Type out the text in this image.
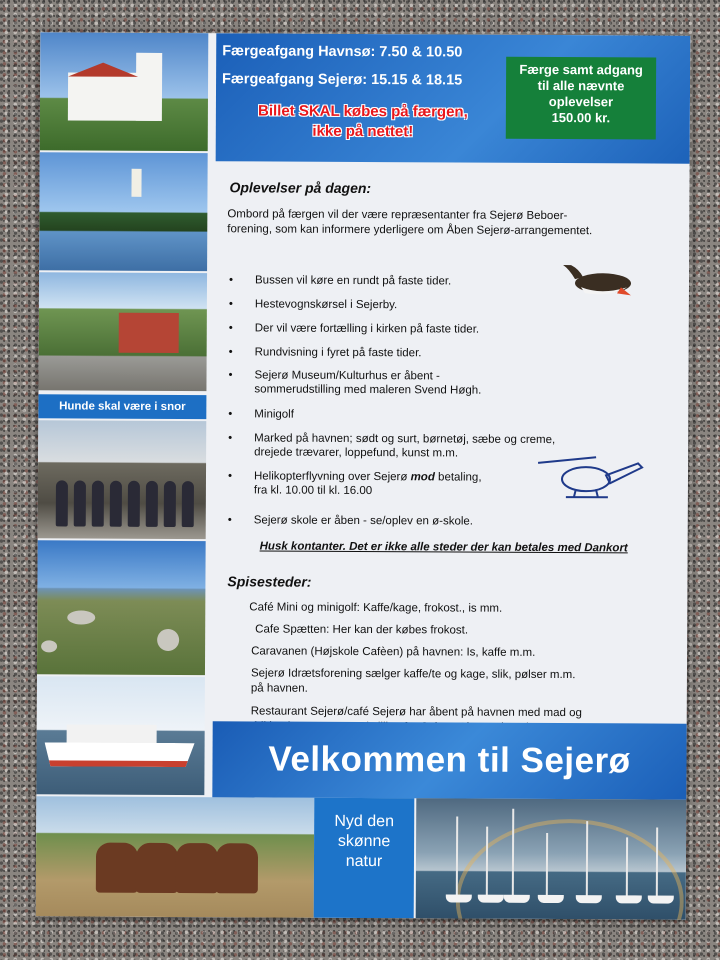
Hunde skal være i snor
Færgeafgang Havnsø: 7.50 & 10.50
Færgeafgang Sejerø: 15.15 & 18.15
Billet SKAL købes på færgen,
ikke på nettet!
Færge samt adgang
til alle nævnte
oplevelser
150.00 kr.
Oplevelser på dagen:
Ombord på færgen vil der være repræsentanter fra Sejerø Beboer-
forening, som kan informere yderligere om Åben Sejerø-arrangementet.
• Bussen vil køre en rundt på faste tider.
• Hestevognskørsel i Sejerby.
• Der vil være fortælling i kirken på faste tider.
• Rundvisning i fyret på faste tider.
• Sejerø Museum/Kulturhus er åbent -
sommerudstilling med maleren Svend Høgh.
• Minigolf
• Marked på havnen; sødt og surt, børnetøj, sæbe og creme,
drejede trævarer, loppefund, kunst m.m.
• Helikopterflyvning over Sejerø mod betaling,
fra kl. 10.00 til kl. 16.00
• Sejerø skole er åben - se/oplev en ø-skole.
Husk kontanter. Det er ikke alle steder der kan betales med Dankort
Spisesteder:
Café Mini og minigolf: Kaffe/kage, frokost., is mm.
Cafe Spætten: Her kan der købes frokost.
Caravanen (Højskole Cafèen) på havnen: Is, kaffe m.m.
Sejerø Idrætsforening sælger kaffe/te og kage, slik, pølser m.m.
på havnen.
Restaurant Sejerø/café Sejerø har åbent på havnen med mad og
Velkommen til Sejerø
Nyd den
skønne
natur
